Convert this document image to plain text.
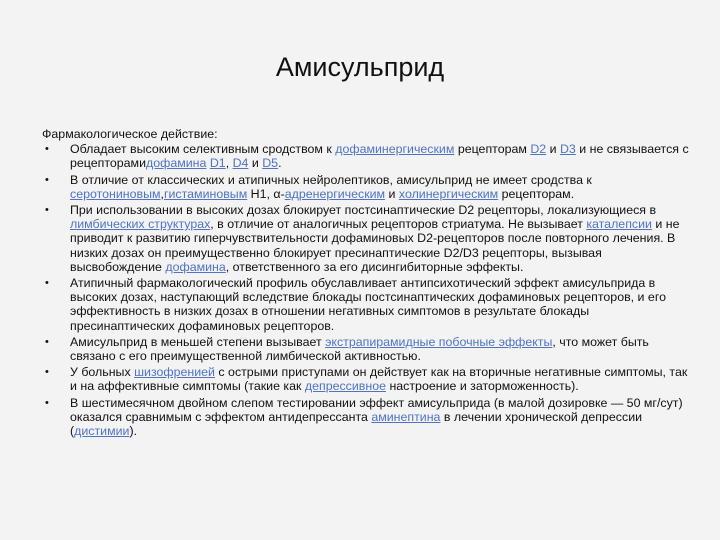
Амисульприд
Фармакологическое действие:
• Обладает высоким селективным сродством к дофаминергическим рецепторам D2 и D3 и не связывается с рецепторамидофамина D1, D4 и D5.
• В отличие от классических и атипичных нейролептиков, амисульприд не имеет сродства к серотониновым,гистаминовым H1, α-адренергическим и холинергическим рецепторам.
• При использовании в высоких дозах блокирует постсинаптические D2 рецепторы, локализующиеся в лимбических структурах, в отличие от аналогичных рецепторов стриатума. Не вызывает каталепсии и не приводит к развитию гиперчувствительности дофаминовых D2-рецепторов после повторного лечения. В низких дозах он преимущественно блокирует пресинаптические D2/D3 рецепторы, вызывая высвобождение дофамина, ответственного за его дисингибиторные эффекты.
• Атипичный фармакологический профиль обуславливает антипсихотический эффект амисульприда в высоких дозах, наступающий вследствие блокады постсинаптических дофаминовых рецепторов, и его эффективность в низких дозах в отношении негативных симптомов в результате блокады пресинаптических дофаминовых рецепторов.
• Амисульприд в меньшей степени вызывает экстрапирамидные побочные эффекты, что может быть связано с его преимущественной лимбической активностью.
• У больных шизофренией с острыми приступами он действует как на вторичные негативные симптомы, так и на аффективные симптомы (такие как депрессивное настроение и заторможенность).
• В шестимесячном двойном слепом тестировании эффект амисульприда (в малой дозировке — 50 мг/сут) оказался сравнимым с эффектом антидепрессанта аминептина в лечении хронической депрессии (дистимии).
